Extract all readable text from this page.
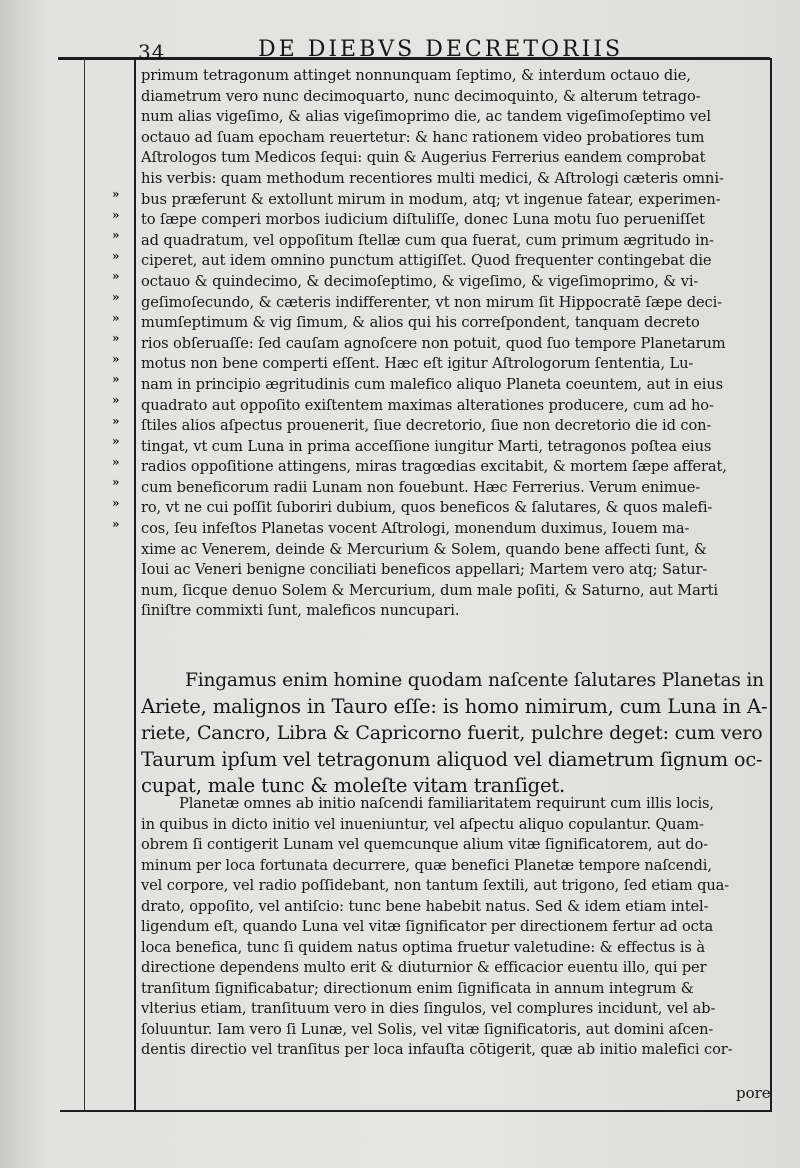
34	DE DIEBVS DECRETORIIS
»
»
»
»
»
»
»
»
»
»
»
»
»
»
»
»
»
primum tetragonum attinget nonnunquam ſeptimo, & interdum octauo die,
diametrum vero nunc decimoquarto, nunc decimoquinto, & alterum tetrago-
num alias vigeſimo, & alias vigeſimoprimo die, ac tandem vigeſimoſeptimo vel
octauo ad ſuam epocham reuertetur: & hanc rationem video probatiores tum
Aſtrologos tum Medicos ſequi: quin & Augerius Ferrerius eandem comprobat
his verbis: quam methodum recentiores multi medici, & Aſtrologi cæteris omni-
bus præferunt & extollunt mirum in modum, atq; vt ingenue fatear, experimen-
to ſæpe comperi morbos iudicium diſtuliſſe, donec Luna motu ſuo perueniſſet
ad quadratum, vel oppoſitum ſtellæ cum qua fuerat, cum primum ægritudo in-
ciperet, aut idem omnino punctum attigiſſet. Quod frequenter contingebat die
octauo & quindecimo, & decimoſeptimo, & vigeſimo, & vigeſimoprimo, & vi-
geſimoſecundo, & cæteris indifferenter, vt non mirum ſit Hippocratē ſæpe deci-
mumſeptimum & vig ſimum, & alios qui his correſpondent, tanquam decreto
rios obſeruaſſe: ſed cauſam agnoſcere non potuit, quod ſuo tempore Planetarum
motus non bene comperti eſſent. Hæc eſt igitur Aſtrologorum ſententia, Lu-
nam in principio ægritudinis cum malefico aliquo Planeta coeuntem, aut in eius
quadrato aut oppoſito exiſtentem maximas alterationes producere, cum ad ho-
ſtiles alios aſpectus prouenerit, ſiue decretorio, ſiue non decretorio die id con-
tingat, vt cum Luna in prima acceſſione iungitur Marti, tetragonos poſtea eius
radios oppoſitione attingens, miras tragœdias excitabit, & mortem ſæpe afferat,
cum beneficorum radii Lunam non fouebunt. Hæc Ferrerius. Verum enimue-
ro, vt ne cui poſſit ſuboriri dubium, quos beneficos & ſalutares, & quos malefi-
cos, ſeu infeſtos Planetas vocent Aſtrologi, monendum duximus, Iouem ma-
xime ac Venerem, deinde & Mercurium & Solem, quando bene affecti ſunt, &
Ioui ac Veneri benigne conciliati beneficos appellari; Martem vero atq; Satur-
num, ſicque denuo Solem & Mercurium, dum male poſiti, & Saturno, aut Marti
ſiniſtre commixti ſunt, maleficos nuncupari.
Fingamus enim homine quodam naſcente ſalutares Planetas in
Ariete, malignos in Tauro eſſe: is homo nimirum, cum Luna in A-
riete, Cancro, Libra & Capricorno fuerit, pulchre deget: cum vero
Taurum ipſum vel tetragonum aliquod vel diametrum ſignum oc-
cupat, male tunc & moleſte vitam tranſiget.
Planetæ omnes ab initio naſcendi familiaritatem requirunt cum illis locis,
in quibus in dicto initio vel inueniuntur, vel aſpectu aliquo copulantur. Quam-
obrem ſi contigerit Lunam vel quemcunque alium vitæ ſignificatorem, aut do-
minum per loca fortunata decurrere, quæ benefici Planetæ tempore naſcendi,
vel corpore, vel radio poſſidebant, non tantum ſextili, aut trigono, ſed etiam qua-
drato, oppoſito, vel antiſcio: tunc bene habebit natus. Sed & idem etiam intel-
ligendum eſt, quando Luna vel vitæ ſignificator per directionem fertur ad octa
loca benefica, tunc ſi quidem natus optima fruetur valetudine: & effectus is à
directione dependens multo erit & diuturnior & efficacior euentu illo, qui per
tranſitum ſignificabatur; directionum enim ſignificata in annum integrum &
vlterius etiam, tranſituum vero in dies ſingulos, vel complures incidunt, vel ab-
ſoluuntur. Iam vero ſi Lunæ, vel Solis, vel vitæ ſignificatoris, aut domini aſcen-
dentis directio vel tranſitus per loca infauſta cōtigerit, quæ ab initio malefici cor-
pore
